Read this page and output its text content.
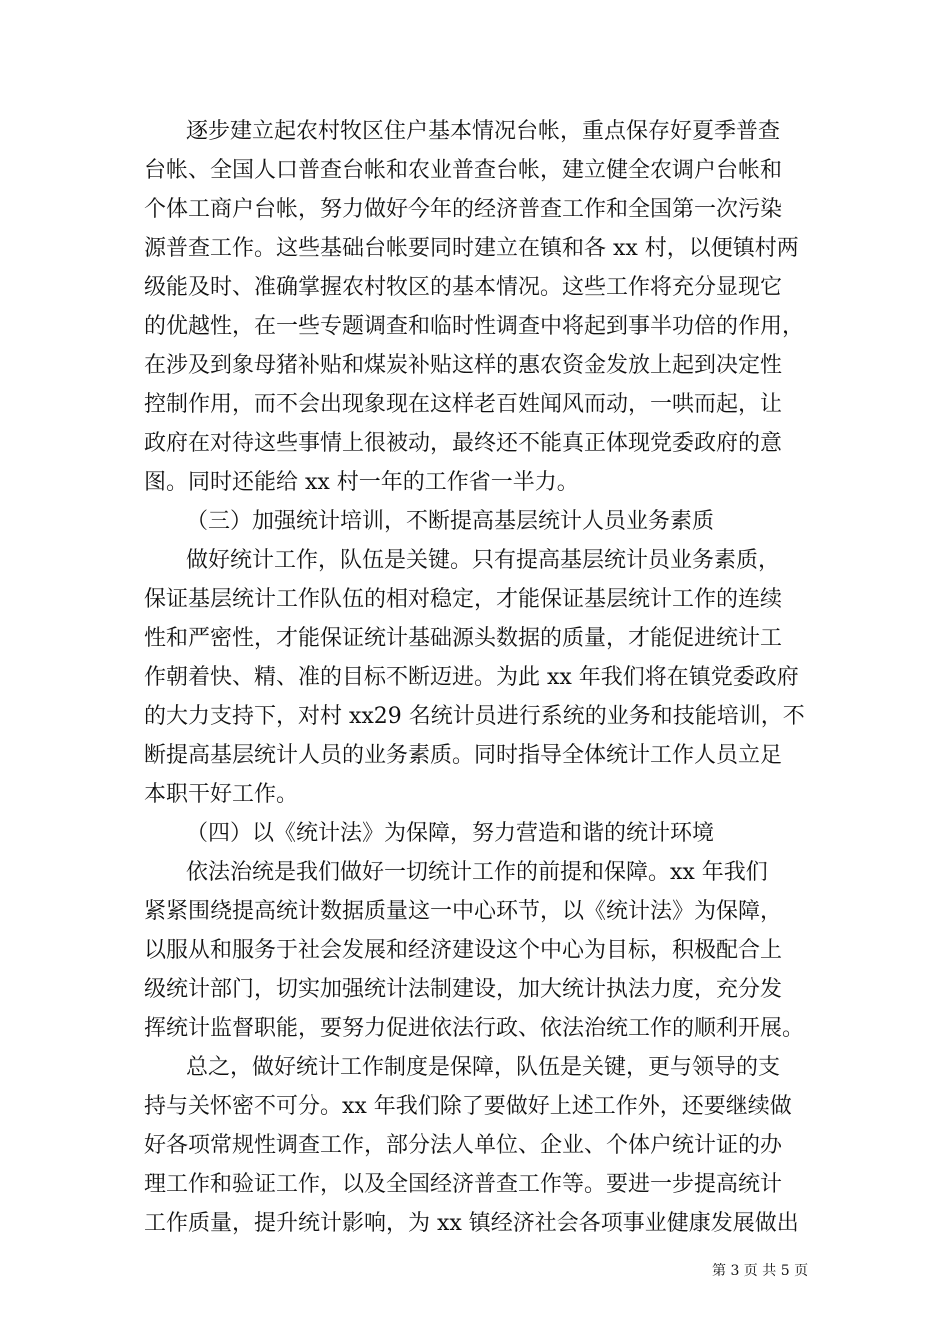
逐步建立起农村牧区住户基本情况台帐，重点保存好夏季普查

台帐、全国人口普查台帐和农业普查台帐，建立健全农调户台帐和

个体工商户台帐，努力做好今年的经济普查工作和全国第一次污染

源普查工作。这些基础台帐要同时建立在镇和各 xx 村，以便镇村两

级能及时、准确掌握农村牧区的基本情况。这些工作将充分显现它

的优越性，在一些专题调查和临时性调查中将起到事半功倍的作用，

在涉及到象母猪补贴和煤炭补贴这样的惠农资金发放上起到决定性

控制作用，而不会出现象现在这样老百姓闻风而动，一哄而起，让

政府在对待这些事情上很被动，最终还不能真正体现党委政府的意

图。同时还能给 xx 村一年的工作省一半力。

（三）加强统计培训，不断提高基层统计人员业务素质

做好统计工作，队伍是关键。只有提高基层统计员业务素质，

保证基层统计工作队伍的相对稳定，才能保证基层统计工作的连续

性和严密性，才能保证统计基础源头数据的质量，才能促进统计工

作朝着快、精、准的目标不断迈进。为此 xx 年我们将在镇党委政府

的大力支持下，对村 xx29 名统计员进行系统的业务和技能培训，不

断提高基层统计人员的业务素质。同时指导全体统计工作人员立足

本职干好工作。

（四）以《统计法》为保障，努力营造和谐的统计环境

依法治统是我们做好一切统计工作的前提和保障。xx 年我们

紧紧围绕提高统计数据质量这一中心环节，以《统计法》为保障，

以服从和服务于社会发展和经济建设这个中心为目标，积极配合上

级统计部门，切实加强统计法制建设，加大统计执法力度，充分发

挥统计监督职能，要努力促进依法行政、依法治统工作的顺利开展。

总之，做好统计工作制度是保障，队伍是关键，更与领导的支

持与关怀密不可分。xx 年我们除了要做好上述工作外，还要继续做

好各项常规性调查工作，部分法人单位、企业、个体户统计证的办

理工作和验证工作，以及全国经济普查工作等。要进一步提高统计

工作质量，提升统计影响，为 xx 镇经济社会各项事业健康发展做出

第 3 页 共 5 页
